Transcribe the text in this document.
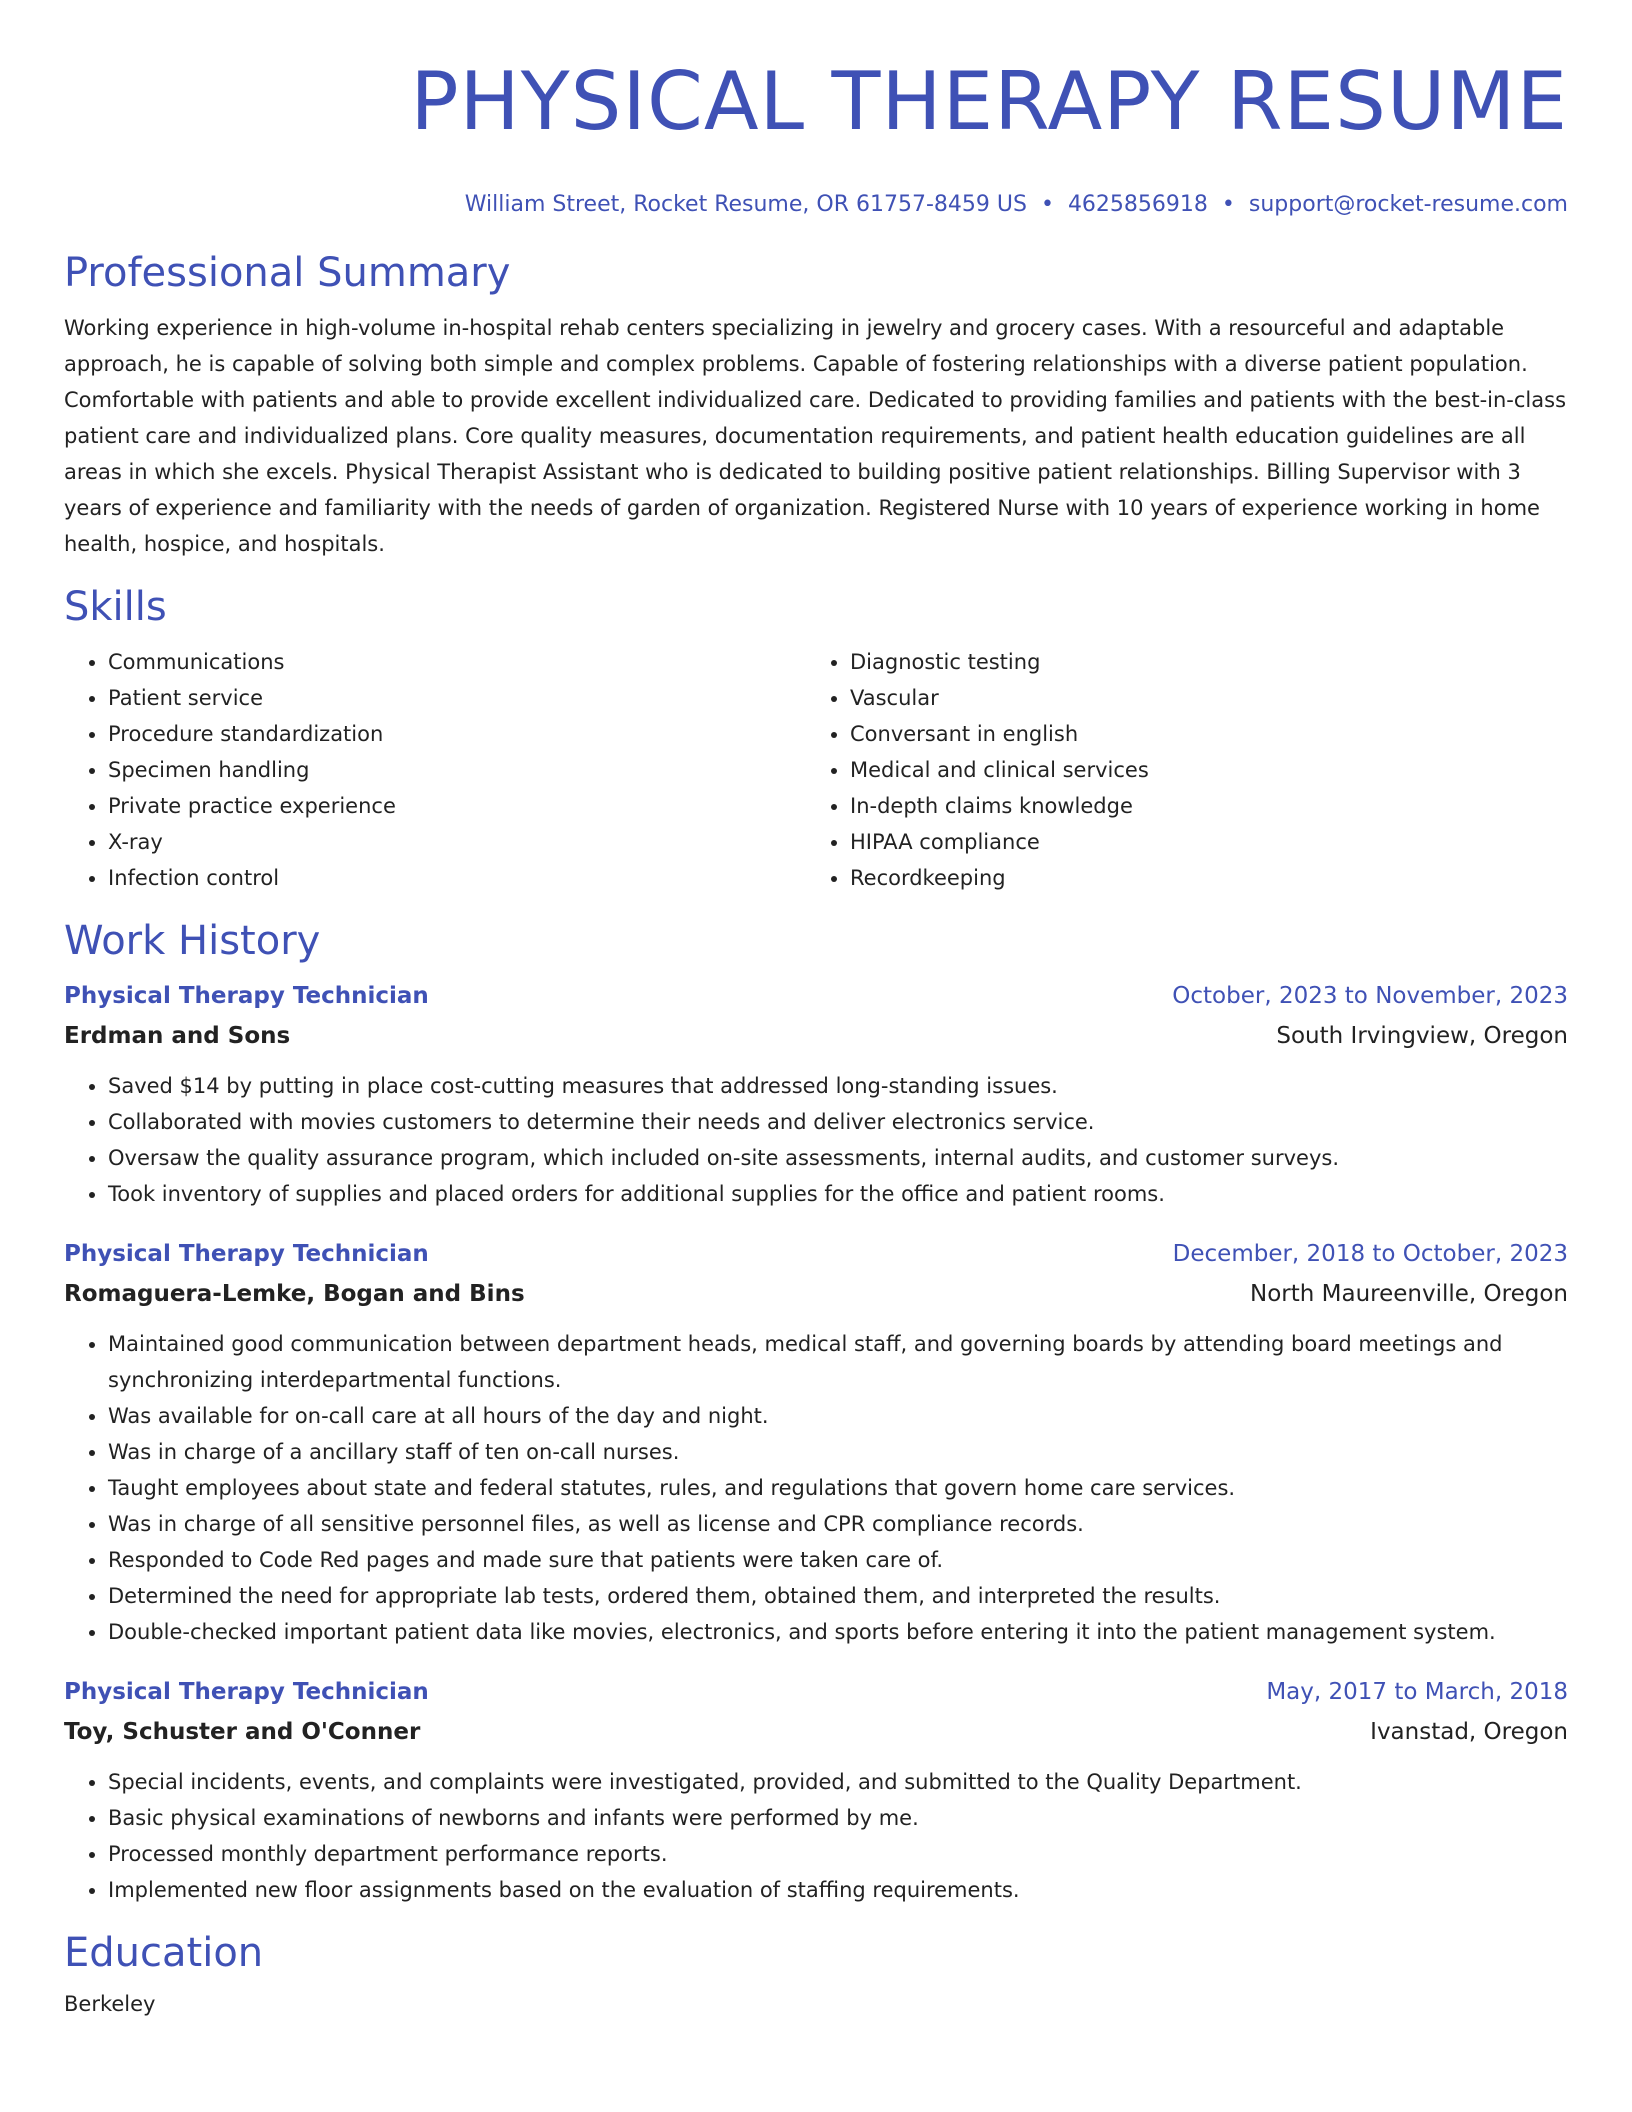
PHYSICAL THERAPY RESUME
William Street, Rocket Resume, OR 61757-8459 US • 4625856918 • support@rocket-resume.com
Professional Summary

Working experience in high-volume in-hospital rehab centers specializing in jewelry and grocery cases. With a resourceful and adaptable approach, he is capable of solving both simple and complex problems. Capable of fostering relationships with a diverse patient population. Comfortable with patients and able to provide excellent individualized care. Dedicated to providing families and patients with the best-in-class patient care and individualized plans. Core quality measures, documentation requirements, and patient health education guidelines are all areas in which she excels. Physical Therapist Assistant who is dedicated to building positive patient relationships. Billing Supervisor with 3 years of experience and familiarity with the needs of garden of organization. Registered Nurse with 10 years of experience working in home health, hospice, and hospitals.

Skills
• Communications
• Patient service
• Procedure standardization
• Specimen handling
• Private practice experience
• X-ray
• Infection control
• Diagnostic testing
• Vascular
• Conversant in english
• Medical and clinical services
• In-depth claims knowledge
• HIPAA compliance
• Recordkeeping
Work History
Physical Therapy Technician	October, 2023 to November, 2023
Erdman and Sons	South Irvingview, Oregon
• Saved $14 by putting in place cost-cutting measures that addressed long-standing issues.
• Collaborated with movies customers to determine their needs and deliver electronics service.
• Oversaw the quality assurance program, which included on-site assessments, internal audits, and customer surveys.
• Took inventory of supplies and placed orders for additional supplies for the office and patient rooms.
Physical Therapy Technician	December, 2018 to October, 2023
Romaguera-Lemke, Bogan and Bins	North Maureenville, Oregon
• Maintained good communication between department heads, medical staff, and governing boards by attending board meetings and synchronizing interdepartmental functions.
• Was available for on-call care at all hours of the day and night.
• Was in charge of a ancillary staff of ten on-call nurses.
• Taught employees about state and federal statutes, rules, and regulations that govern home care services.
• Was in charge of all sensitive personnel files, as well as license and CPR compliance records.
• Responded to Code Red pages and made sure that patients were taken care of.
• Determined the need for appropriate lab tests, ordered them, obtained them, and interpreted the results.
• Double-checked important patient data like movies, electronics, and sports before entering it into the patient management system.
Physical Therapy Technician	May, 2017 to March, 2018
Toy, Schuster and O'Conner	Ivanstad, Oregon
• Special incidents, events, and complaints were investigated, provided, and submitted to the Quality Department.
• Basic physical examinations of newborns and infants were performed by me.
• Processed monthly department performance reports.
• Implemented new floor assignments based on the evaluation of staffing requirements.
Education
Berkeley
